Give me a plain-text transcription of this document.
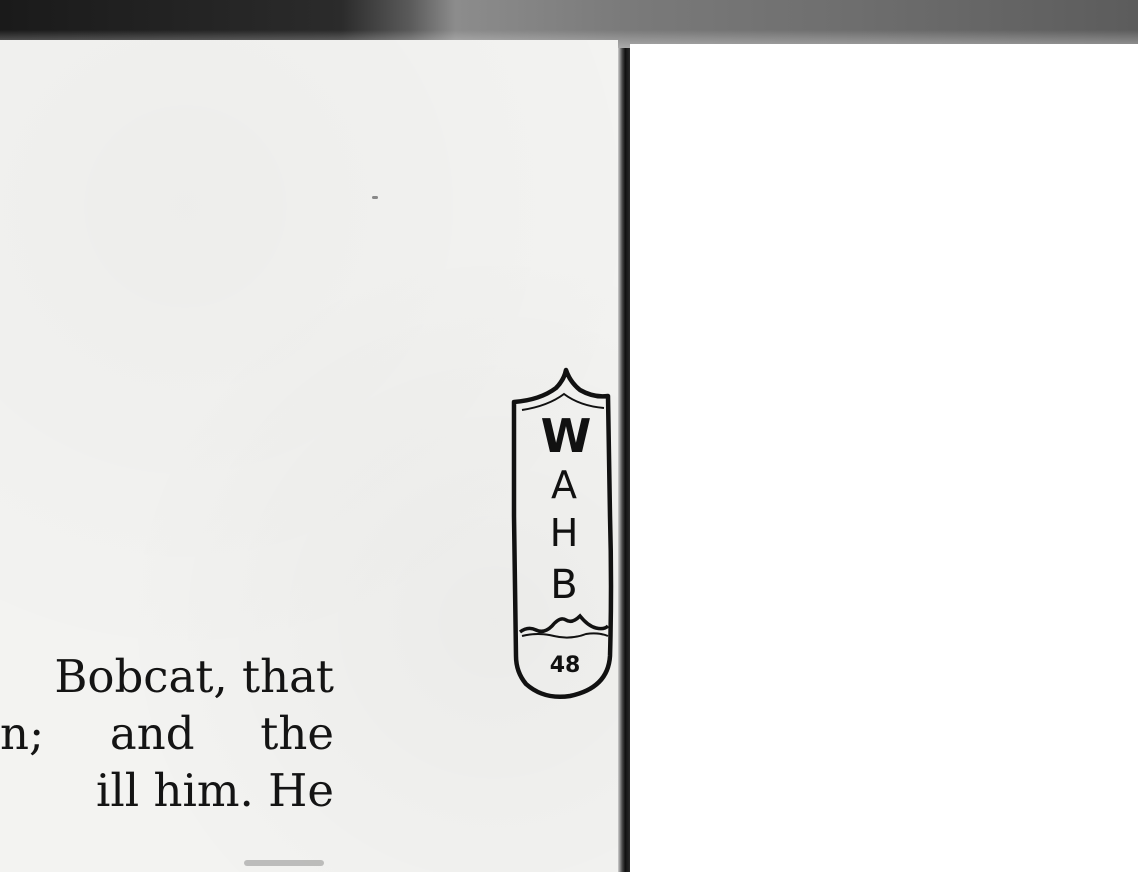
Bobcat, that
n; and the
ill him. He
W
A
H
B
48
